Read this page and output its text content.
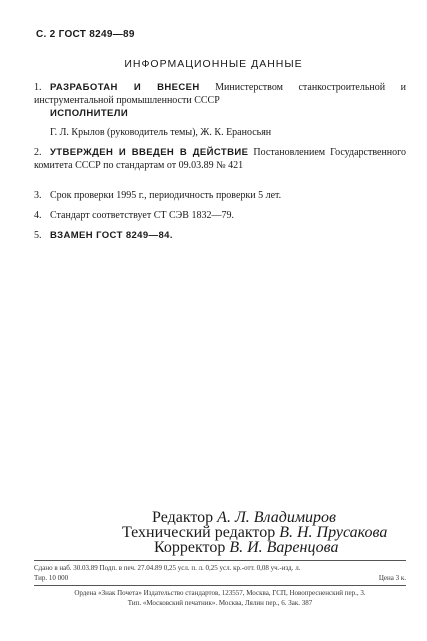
С. 2 ГОСТ 8249—89
ИНФОРМАЦИОННЫЕ ДАННЫЕ
1. РАЗРАБОТАН И ВНЕСЕН Министерством станкостроительной и инструментальной промышленности СССР
ИСПОЛНИТЕЛИ
Г. Л. Крылов (руководитель темы), Ж. К. Ераносьян
2. УТВЕРЖДЕН И ВВЕДЕН В ДЕЙСТВИЕ Постановлением Государственного комитета СССР по стандартам от 09.03.89 № 421
3. Срок проверки 1995 г., периодичность проверки 5 лет.
4. Стандарт соответствует СТ СЭВ 1832—79.
5. ВЗАМЕН ГОСТ 8249—84.
Редактор А. Л. Владимиров
Технический редактор В. Н. Прусакова
Корректор В. И. Варенцова
Сдано в наб. 30.03.89 Подп. в печ. 27.04.89 0,25 усл. п. л. 0,25 усл. кр.-отт. 0,08 уч.-изд. л.
Тир. 10 000	Цена 3 к.
Ордена «Знак Почета» Издательство стандартов, 123557, Москва, ГСП, Новопресненский пер., 3.
Тип. «Московский печатник». Москва, Лялин пер., 6. Зак. 387
